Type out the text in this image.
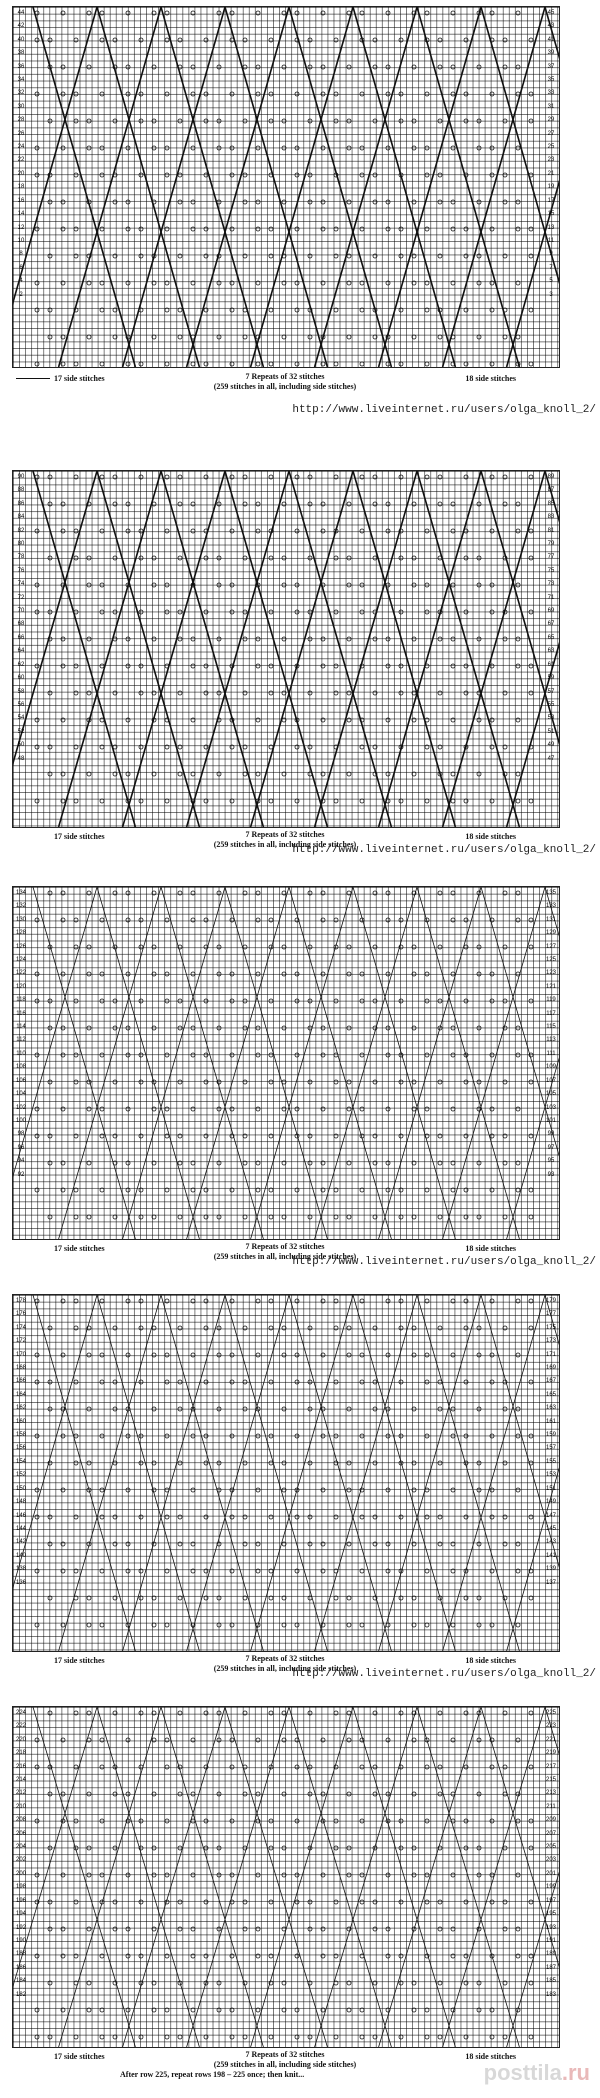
44
42
40
38
36
34
32
30
28
26
24
22
20
18
16
14
12
10
8
6
4
2
45
43
41
39
37
35
33
31
29
27
25
23
21
19
17
15
13
11
9
7
5
3
17 side stitches	7 Repeats of 32 stitches
(259 stitches in all, including side stitches)
18 side stitches
http://www.liveinternet.ru/users/olga_knoll_2/
90
88
86
84
82
80
78
76
74
72
70
68
66
64
62
60
58
56
54
52
50
48
89
87
85
83
81
79
77
75
73
71
69
67
65
63
61
59
57
55
53
51
49
47
17 side stitches	7 Repeats of 32 stitches
(259 stitches in all, including side stitches)
18 side stitches
http://www.liveinternet.ru/users/olga_knoll_2/
134
132
130
128
126
124
122
120
118
116
114
112
110
108
106
104
102
100
98
96
94
92
135
133
131
129
127
125
123
121
119
117
115
113
111
109
107
105
103
101
99
97
95
93
17 side stitches	7 Repeats of 32 stitches
(259 stitches in all, including side stitches)
18 side stitches
http://www.liveinternet.ru/users/olga_knoll_2/
178
176
174
172
170
168
166
164
162
160
158
156
154
152
150
148
146
144
142
140
138
136
179
177
175
173
171
169
167
165
163
161
159
157
155
153
151
149
147
145
143
141
139
137
17 side stitches	7 Repeats of 32 stitches
(259 stitches in all, including side stitches)
18 side stitches
http://www.liveinternet.ru/users/olga_knoll_2/
224
222
220
218
216
214
212
210
208
206
204
202
200
198
196
194
192
190
188
186
184
182
225
223
221
219
217
215
213
211
209
207
205
203
201
199
197
195
193
191
189
187
185
183
17 side stitches	7 Repeats of 32 stitches
(259 stitches in all, including side stitches)
18 side stitches
After row 225, repeat rows 198 – 225 once; then knit...	posttila.ru
